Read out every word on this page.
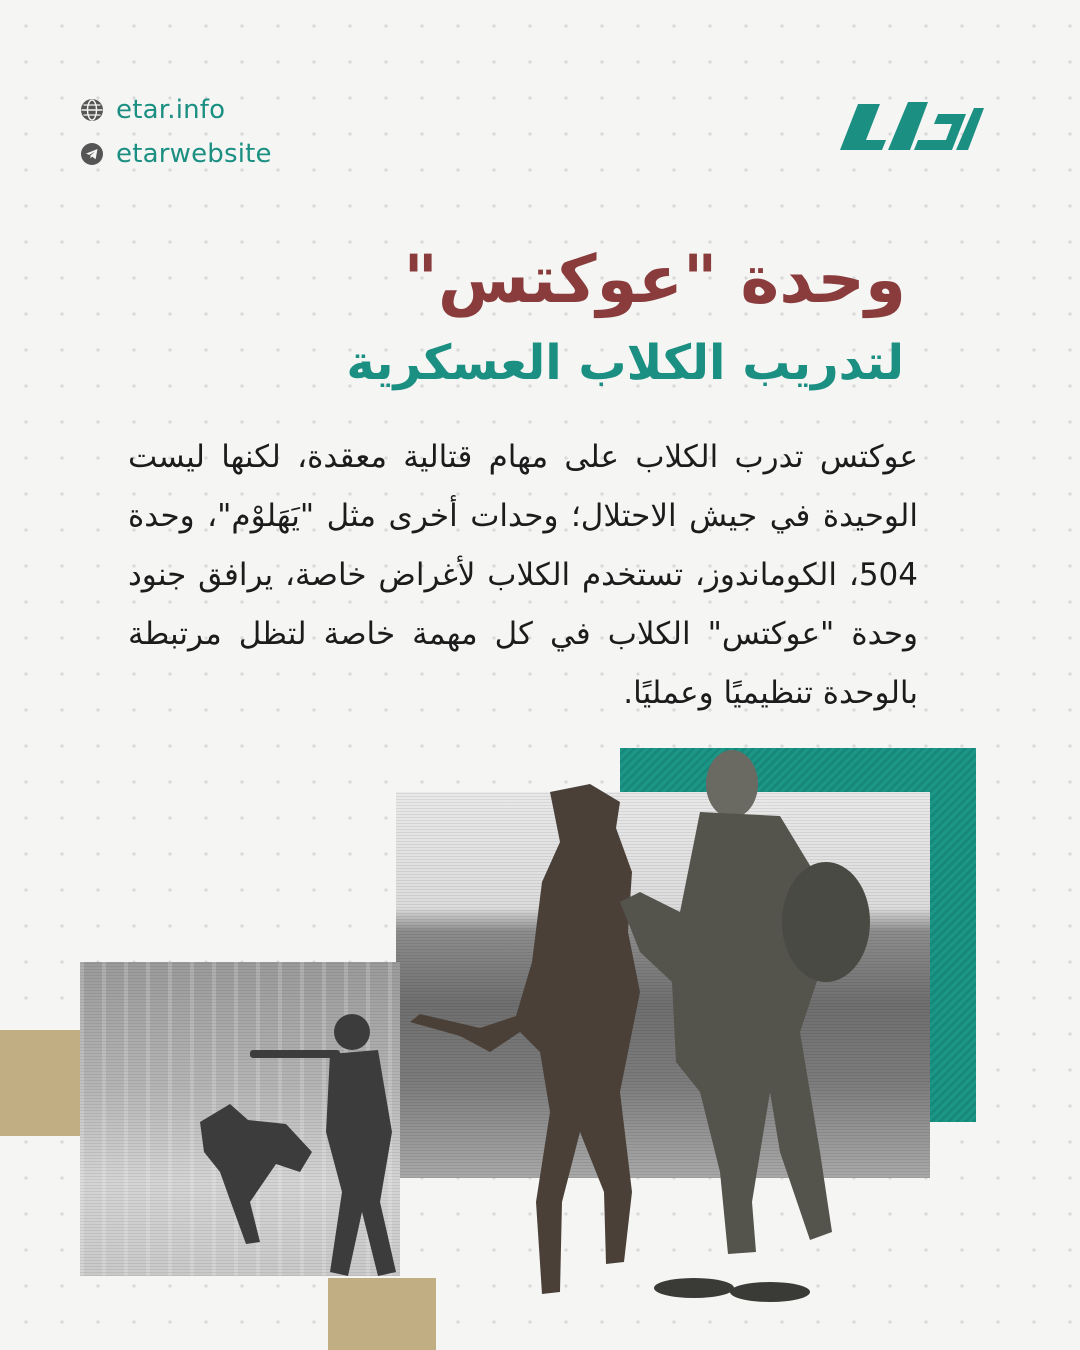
etar.info
etarwebsite
وحدة "عوكتس"
لتدريب الكلاب العسكرية

عوكتس تدرب الكلاب على مهام قتالية معقدة، لكنها ليست الوحيدة في جيش الاحتلال؛ وحدات أخرى مثل "يَهَلوْم"، وحدة 504، الكوماندوز، تستخدم الكلاب لأغراض خاصة، يرافق جنود وحدة "عوكتس" الكلاب في كل مهمة خاصة لتظل مرتبطة بالوحدة تنظيميًا وعمليًا.
